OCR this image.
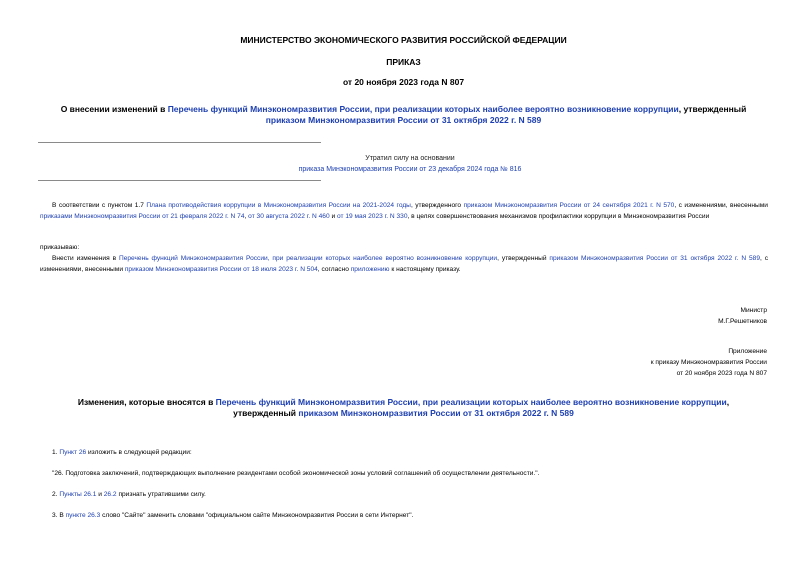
МИНИСТЕРСТВО ЭКОНОМИЧЕСКОГО РАЗВИТИЯ РОССИЙСКОЙ ФЕДЕРАЦИИ
ПРИКАЗ
от 20 ноября 2023 года N 807
О внесении изменений в Перечень функций Минэкономразвития России, при реализации которых наиболее вероятно возникновение коррупции, утвержденный приказом Минэкономразвития России от 31 октября 2022 г. N 589
Утратил силу на основании
приказа Минэкономразвития России от 23 декабря 2024 года № 816
В соответствии с пунктом 1.7 Плана противодействия коррупции в Минэкономразвития России на 2021-2024 годы, утвержденного приказом Минэкономразвития России от 24 сентября 2021 г. N 570, с изменениями, внесенными приказами Минэкономразвития России от 21 февраля 2022 г. N 74, от 30 августа 2022 г. N 460 и от 19 мая 2023 г. N 330, в целях совершенствования механизмов профилактики коррупции в Минэкономразвития России
приказываю:
Внести изменения в Перечень функций Минэкономразвития России, при реализации которых наиболее вероятно возникновение коррупции, утвержденный приказом Минэкономразвития России от 31 октября 2022 г. N 589, с изменениями, внесенными приказом Минэкономразвития России от 18 июля 2023 г. N 504, согласно приложению к настоящему приказу.
Министр
М.Г.Решетников
Приложение
к приказу Минэкономразвития России
от 20 ноября 2023 года N 807
Изменения, которые вносятся в Перечень функций Минэкономразвития России, при реализации которых наиболее вероятно возникновение коррупции, утвержденный приказом Минэкономразвития России от 31 октября 2022 г. N 589
1. Пункт 26 изложить в следующей редакции:
"26. Подготовка заключений, подтверждающих выполнение резидентами особой экономической зоны условий соглашений об осуществлении деятельности.".
2. Пункты 26.1 и 26.2 признать утратившими силу.
3. В пункте 26.3 слово "Сайте" заменить словами "официальном сайте Минэкономразвития России в сети Интернет".
